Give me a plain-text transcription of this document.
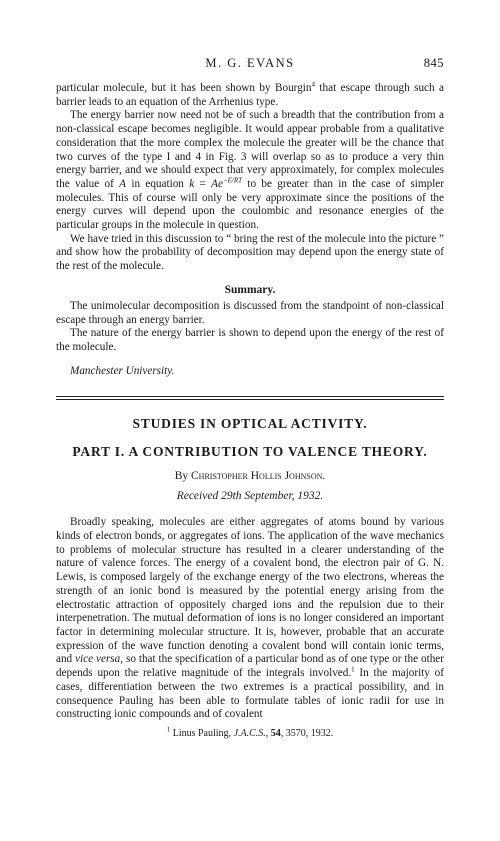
M. G. EVANS	845

particular molecule, but it has been shown by Bourgin$^4$ that escape through such a barrier leads to an equation of the Arrhenius type.

The energy barrier now need not be of such a breadth that the contribution from a non-classical escape becomes negligible. It would appear probable from a qualitative consideration that the more complex the molecule the greater will be the chance that two curves of the type I and 4 in Fig. 3 will overlap so as to produce a very thin energy barrier, and we should expect that very approximately, for complex molecules the value of A in equation $k = Ae^{-E/RT}$ to be greater than in the case of simpler molecules. This of course will only be very approximate since the positions of the energy curves will depend upon the coulombic and resonance energies of the particular groups in the molecule in question.

We have tried in this discussion to “ bring the rest of the molecule into the picture ” and show how the probability of decomposition may depend upon the energy state of the rest of the molecule.

Summary.

The unimolecular decomposition is discussed from the standpoint of non-classical escape through an energy barrier.

The nature of the energy barrier is shown to depend upon the energy of the rest of the molecule.

Manchester University.

STUDIES IN OPTICAL ACTIVITY.
PART I. A CONTRIBUTION TO VALENCE THEORY.
By Christopher Hollis Johnson.
Received 29th September, 1932.

Broadly speaking, molecules are either aggregates of atoms bound by various kinds of electron bonds, or aggregates of ions. The application of the wave mechanics to problems of molecular structure has resulted in a clearer understanding of the nature of valence forces. The energy of a covalent bond, the electron pair of G. N. Lewis, is composed largely of the exchange energy of the two electrons, whereas the strength of an ionic bond is measured by the potential energy arising from the electrostatic attraction of oppositely charged ions and the repulsion due to their interpenetration. The mutual deformation of ions is no longer considered an important factor in determining molecular structure. It is, however, probable that an accurate expression of the wave function denoting a covalent bond will contain ionic terms, and vice versa, so that the specification of a particular bond as of one type or the other depends upon the relative magnitude of the integrals involved.$^1$ In the majority of cases, differentiation between the two extremes is a practical possibility, and in consequence Pauling has been able to formulate tables of ionic radii for use in constructing ionic compounds and of covalent

$^1$ Linus Pauling, J.A.C.S., 54, 3570, 1932.
